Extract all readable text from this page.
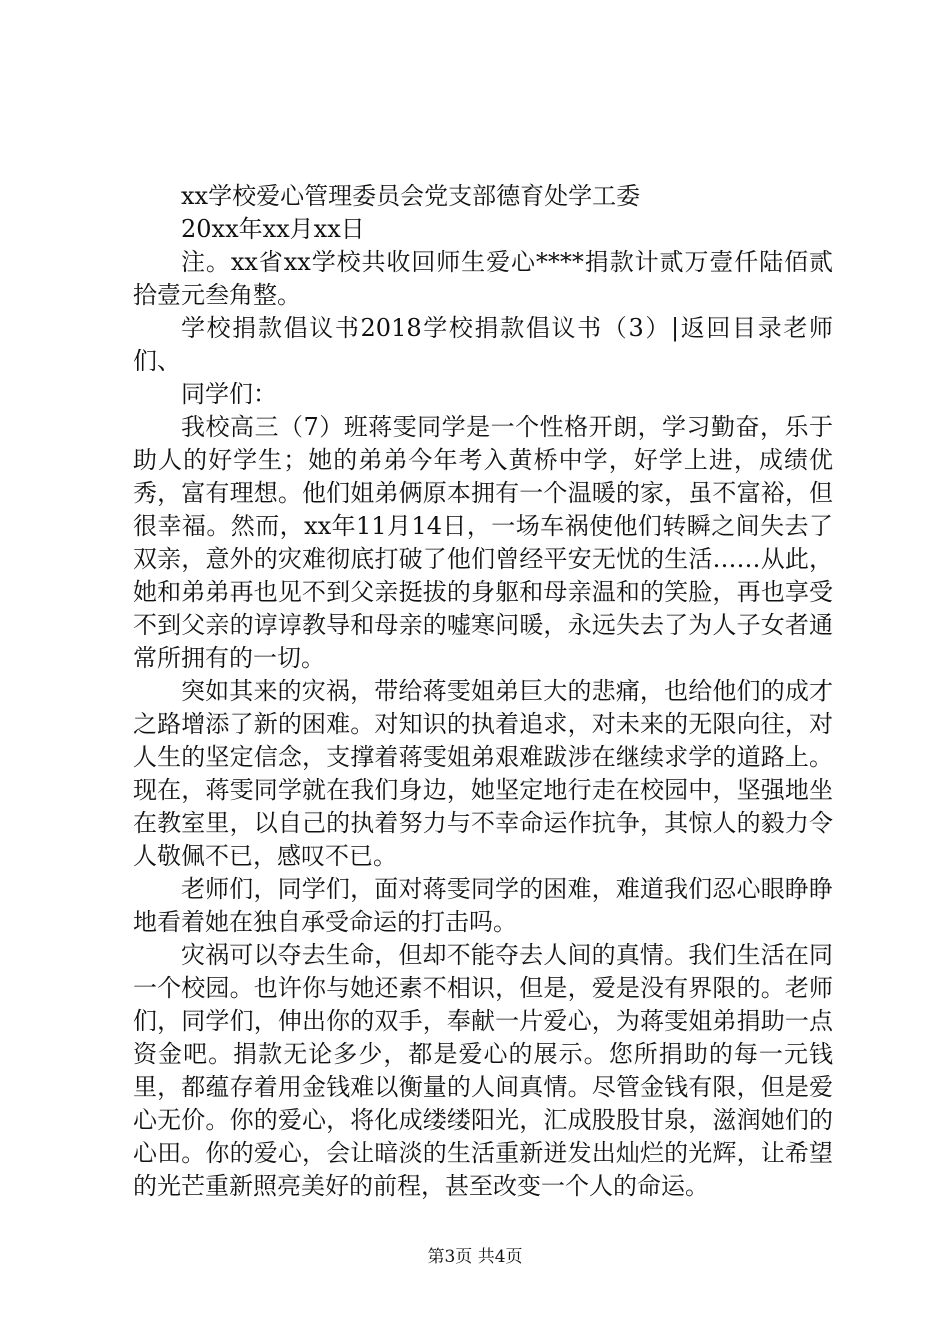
xx学校爱心管理委员会党支部德育处学工委

20xx年xx月xx日

注。xx省xx学校共收回师生爱心****捐款计贰万壹仟陆佰贰拾壹元叁角整。

学校捐款倡议书2018学校捐款倡议书（3）|返回目录老师们、

同学们：

我校高三（7）班蒋雯同学是一个性格开朗，学习勤奋，乐于助人的好学生；她的弟弟今年考入黄桥中学，好学上进，成绩优秀，富有理想。他们姐弟俩原本拥有一个温暖的家，虽不富裕，但很幸福。然而，xx年11月14日，一场车祸使他们转瞬之间失去了双亲，意外的灾难彻底打破了他们曾经平安无忧的生活……从此，她和弟弟再也见不到父亲挺拔的身躯和母亲温和的笑脸，再也享受不到父亲的谆谆教导和母亲的嘘寒问暖，永远失去了为人子女者通常所拥有的一切。

突如其来的灾祸，带给蒋雯姐弟巨大的悲痛，也给他们的成才之路增添了新的困难。对知识的执着追求，对未来的无限向往，对人生的坚定信念，支撑着蒋雯姐弟艰难跋涉在继续求学的道路上。现在，蒋雯同学就在我们身边，她坚定地行走在校园中，坚强地坐在教室里，以自己的执着努力与不幸命运作抗争，其惊人的毅力令人敬佩不已，感叹不已。

老师们，同学们，面对蒋雯同学的困难，难道我们忍心眼睁睁地看着她在独自承受命运的打击吗。

灾祸可以夺去生命，但却不能夺去人间的真情。我们生活在同一个校园。也许你与她还素不相识，但是，爱是没有界限的。老师们，同学们，伸出你的双手，奉献一片爱心，为蒋雯姐弟捐助一点资金吧。捐款无论多少，都是爱心的展示。您所捐助的每一元钱里，都蕴存着用金钱难以衡量的人间真情。尽管金钱有限，但是爱心无价。你的爱心，将化成缕缕阳光，汇成股股甘泉，滋润她们的心田。你的爱心，会让暗淡的生活重新迸发出灿烂的光辉，让希望的光芒重新照亮美好的前程，甚至改变一个人的命运。

第3页 共4页
